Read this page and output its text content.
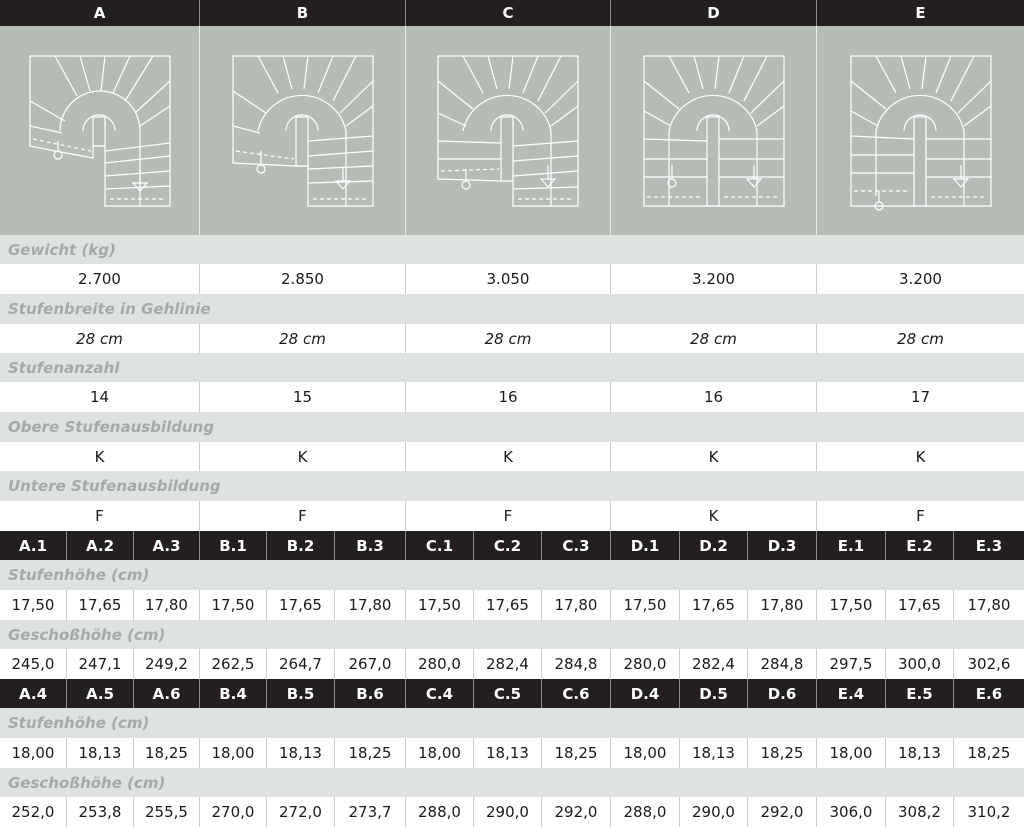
A	B	C	D	E
Gewicht (kg)
2.700	2.850	3.050	3.200	3.200
Stufenbreite in Gehlinie
28 cm	28 cm	28 cm	28 cm	28 cm
Stufenanzahl
14	15	16	16	17
Obere Stufenausbildung
K	K	K	K	K
Untere Stufenausbildung
F	F	F	K	F
A.1	A.2	A.3	B.1	B.2	B.3	C.1	C.2	C.3	D.1	D.2	D.3	E.1	E.2	E.3
Stufenhöhe (cm)
17,50	17,65	17,80	17,50	17,65	17,80	17,50	17,65	17,80	17,50	17,65	17,80	17,50	17,65	17,80
Geschoßhöhe (cm)
245,0	247,1	249,2	262,5	264,7	267,0	280,0	282,4	284,8	280,0	282,4	284,8	297,5	300,0	302,6
A.4	A.5	A.6	B.4	B.5	B.6	C.4	C.5	C.6	D.4	D.5	D.6	E.4	E.5	E.6
Stufenhöhe (cm)
18,00	18,13	18,25	18,00	18,13	18,25	18,00	18,13	18,25	18,00	18,13	18,25	18,00	18,13	18,25
Geschoßhöhe (cm)
252,0	253,8	255,5	270,0	272,0	273,7	288,0	290,0	292,0	288,0	290,0	292,0	306,0	308,2	310,2
